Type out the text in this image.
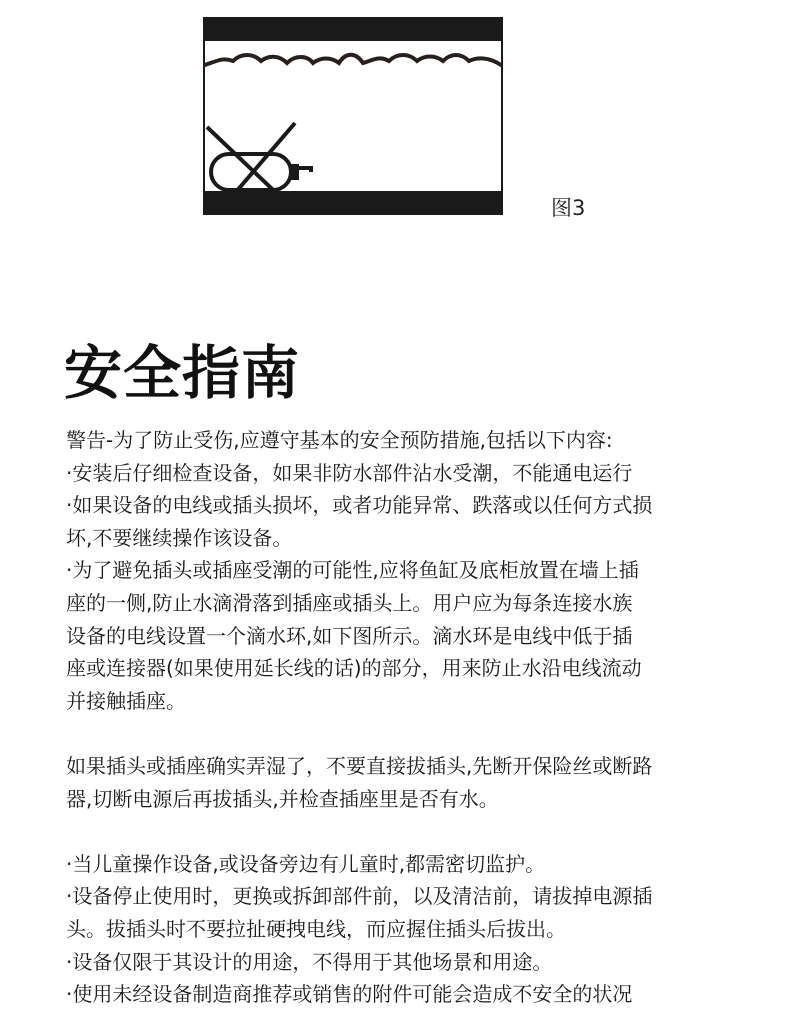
图3
安全指南

警告-为了防止受伤,应遵守基本的安全预防措施,包括以下内容:

·安装后仔细检查设备，如果非防水部件沾水受潮，不能通电运行

·如果设备的电线或插头损坏，或者功能异常、跌落或以任何方式损

坏,不要继续操作该设备。

·为了避免插头或插座受潮的可能性,应将鱼缸及底柜放置在墙上插

座的一侧,防止水滴滑落到插座或插头上。用户应为每条连接水族

设备的电线设置一个滴水环,如下图所示。滴水环是电线中低于插

座或连接器(如果使用延长线的话)的部分，用来防止水沿电线流动

并接触插座。

如果插头或插座确实弄湿了，不要直接拔插头,先断开保险丝或断路

器,切断电源后再拔插头,并检查插座里是否有水。

·当儿童操作设备,或设备旁边有儿童时,都需密切监护。

·设备停止使用时，更换或拆卸部件前，以及清洁前，请拔掉电源插

头。拔插头时不要拉扯硬拽电线，而应握住插头后拔出。

·设备仅限于其设计的用途，不得用于其他场景和用途。

·使用未经设备制造商推荐或销售的附件可能会造成不安全的状况
